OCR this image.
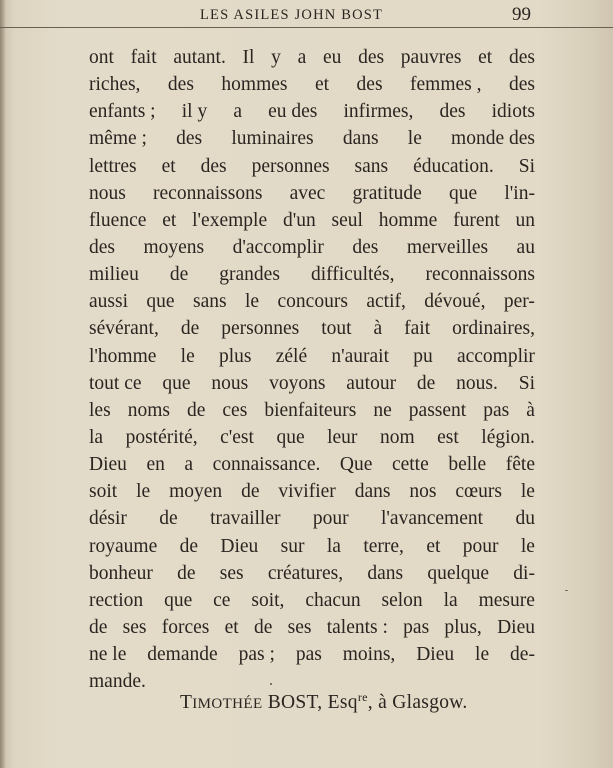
LES ASILES JOHN BOST	99
ont fait autant. Il y a eu des pauvres et des
riches, des hommes et des femmes , des
enfants ; il y a eu des infirmes, des idiots
même ; des luminaires dans le monde des
lettres et des personnes sans éducation. Si
nous reconnaissons avec gratitude que l'in-
fluence et l'exemple d'un seul homme furent un
des moyens d'accomplir des merveilles au
milieu de grandes difficultés, reconnaissons
aussi que sans le concours actif, dévoué, per-
sévérant, de personnes tout à fait ordinaires,
l'homme le plus zélé n'aurait pu accomplir
tout ce que nous voyons autour de nous. Si
les noms de ces bienfaiteurs ne passent pas à
la postérité, c'est que leur nom est légion.
Dieu en a connaissance. Que cette belle fête
soit le moyen de vivifier dans nos cœurs le
désir de travailler pour l'avancement du
royaume de Dieu sur la terre, et pour le
bonheur de ses créatures, dans quelque di-
rection que ce soit, chacun selon la mesure
de ses forces et de ses talents : pas plus, Dieu
ne le demande pas ; pas moins, Dieu le de-
mande.
TIMOTHÉE BOST, Esq$^{re}$, à Glasgow.
